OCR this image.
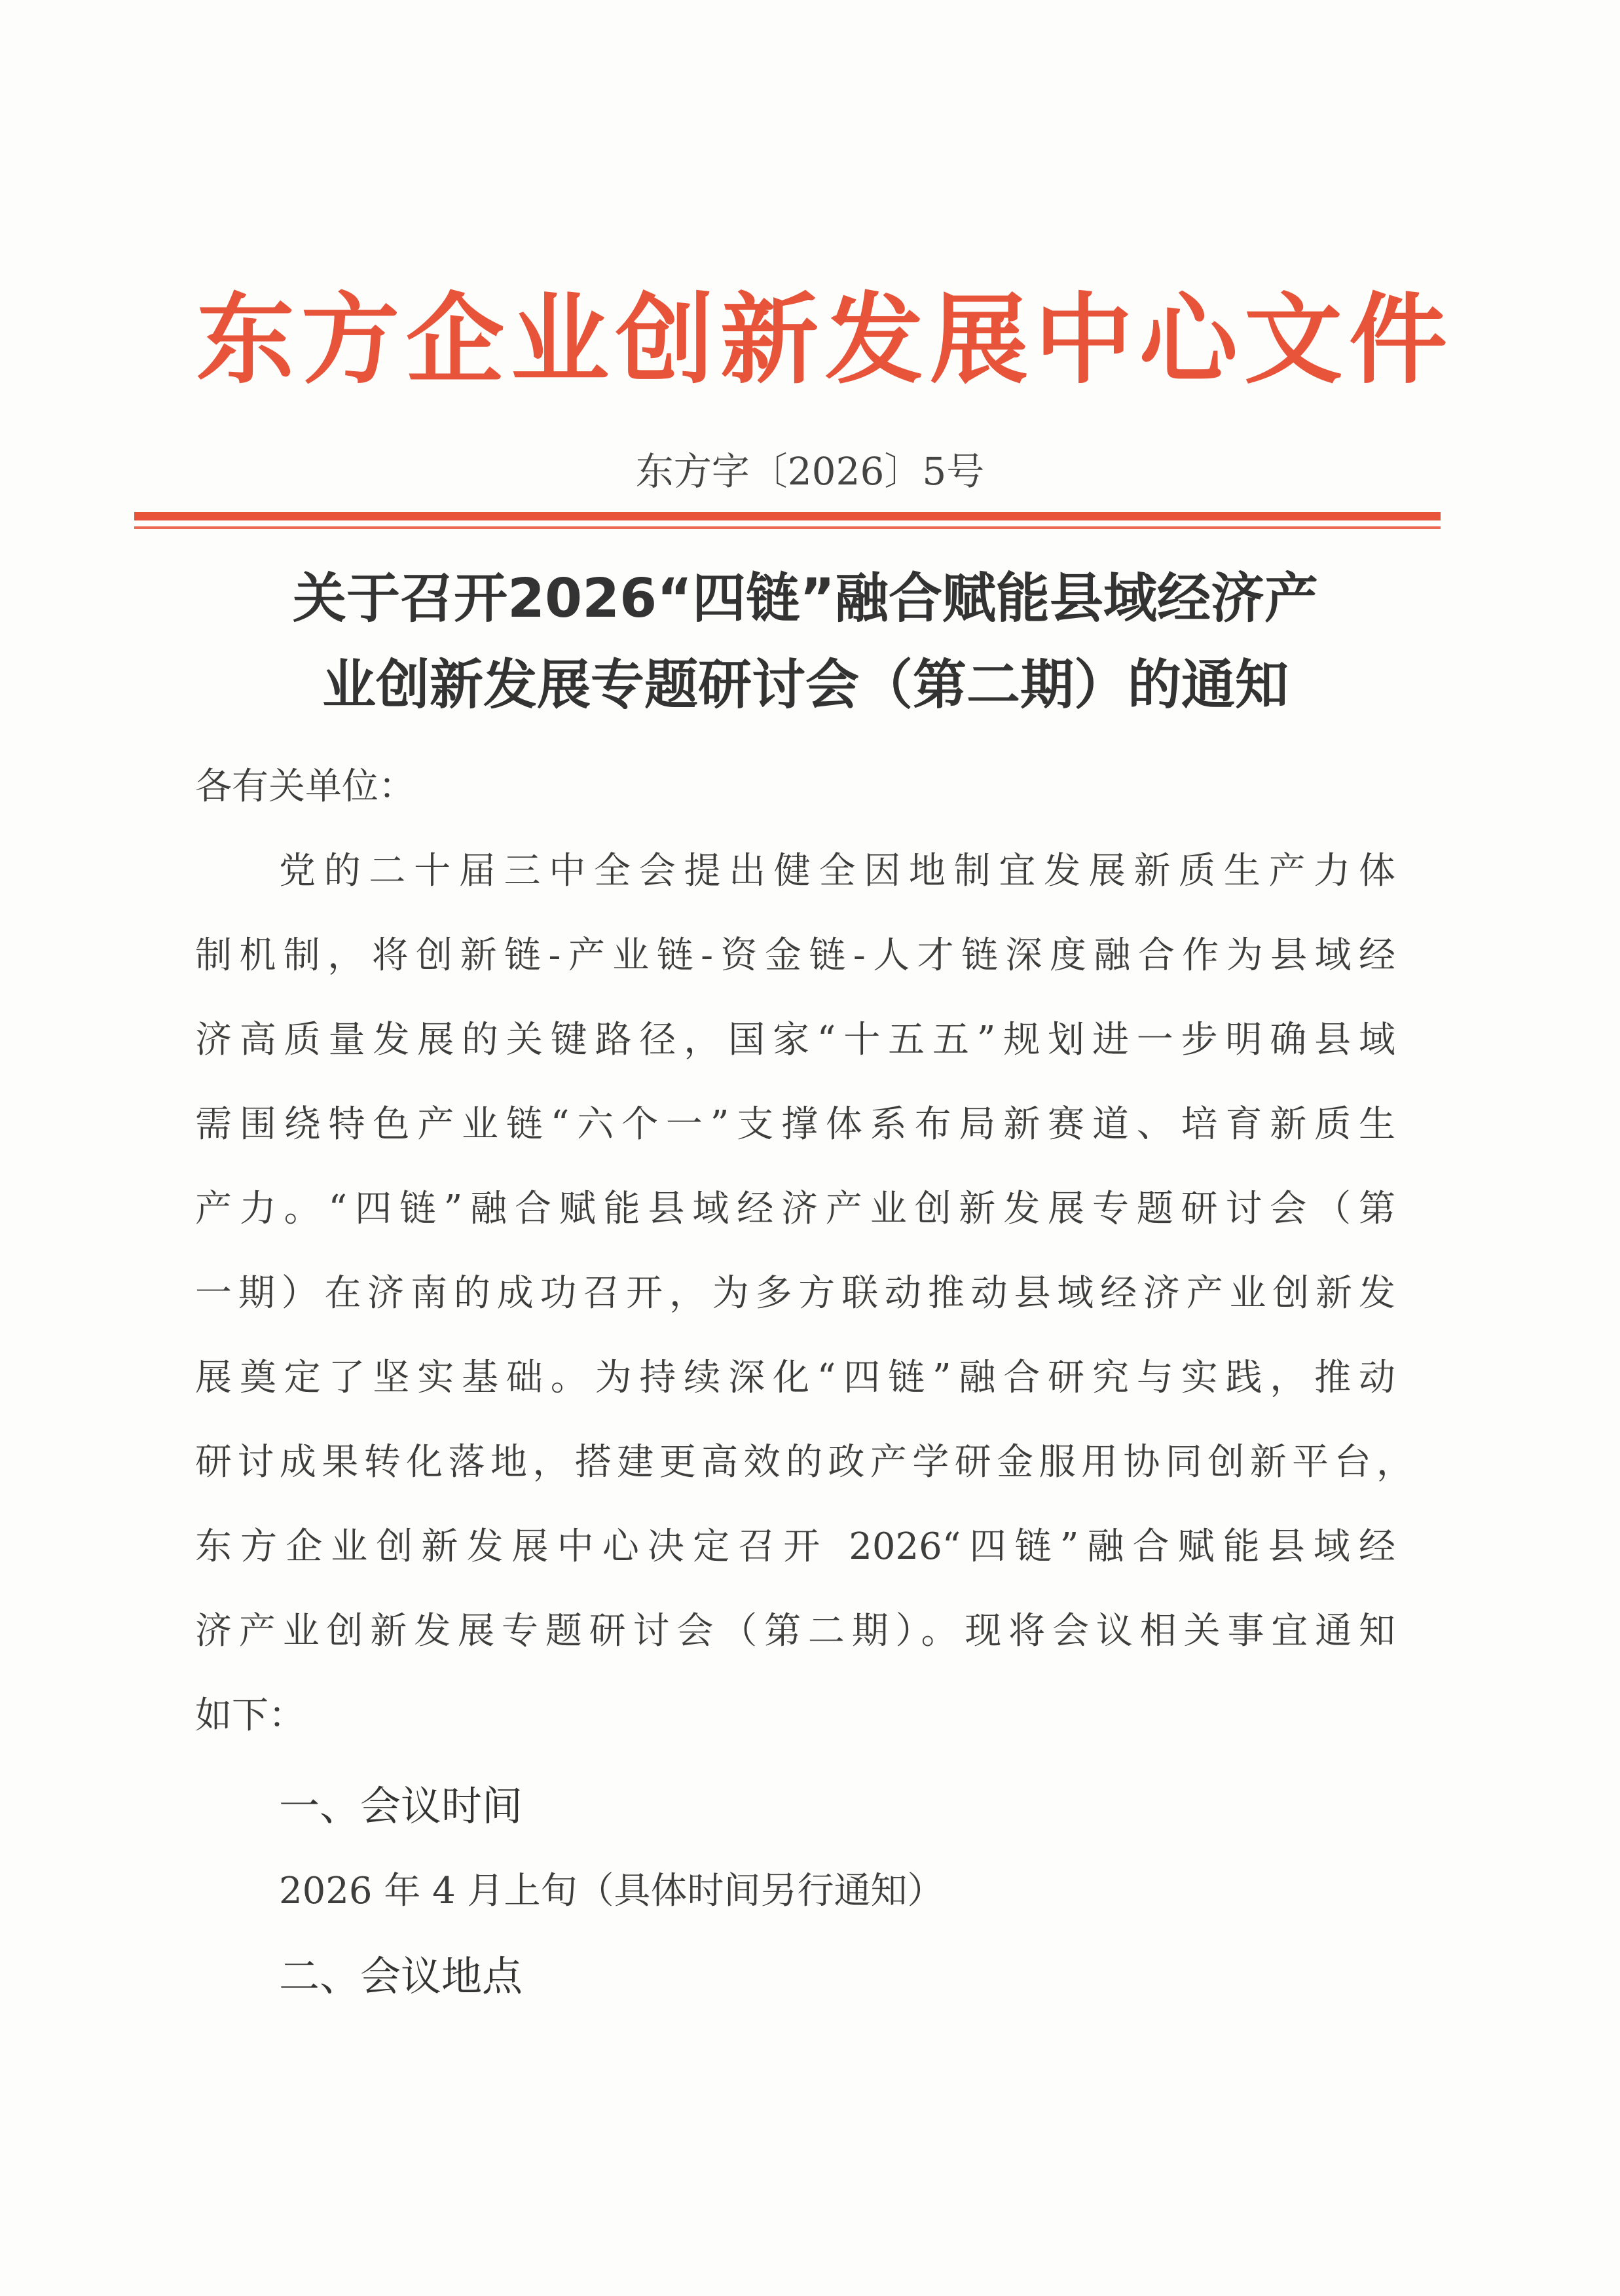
东方企业创新发展中心文件
东方字〔2026〕5号
关于召开2026“四链”融合赋能县域经济产
业创新发展专题研讨会（第二期）的通知
各有关单位：
党的二十届三中全会提出健全因地制宜发展新质生产力体
制机制，将创新链-产业链-资金链-人才链深度融合作为县域经
济高质量发展的关键路径，国家“十五五”规划进一步明确县域
需围绕特色产业链“六个一”支撑体系布局新赛道、培育新质生
产力。“四链”融合赋能县域经济产业创新发展专题研讨会（第
一期）在济南的成功召开，为多方联动推动县域经济产业创新发
展奠定了坚实基础。为持续深化“四链”融合研究与实践，推动
研讨成果转化落地，搭建更高效的政产学研金服用协同创新平台，
东方企业创新发展中心决定召开 2026“四链”融合赋能县域经
济产业创新发展专题研讨会（第二期）。现将会议相关事宜通知
如下：
一、会议时间
2026 年 4 月上旬（具体时间另行通知）
二、会议地点
